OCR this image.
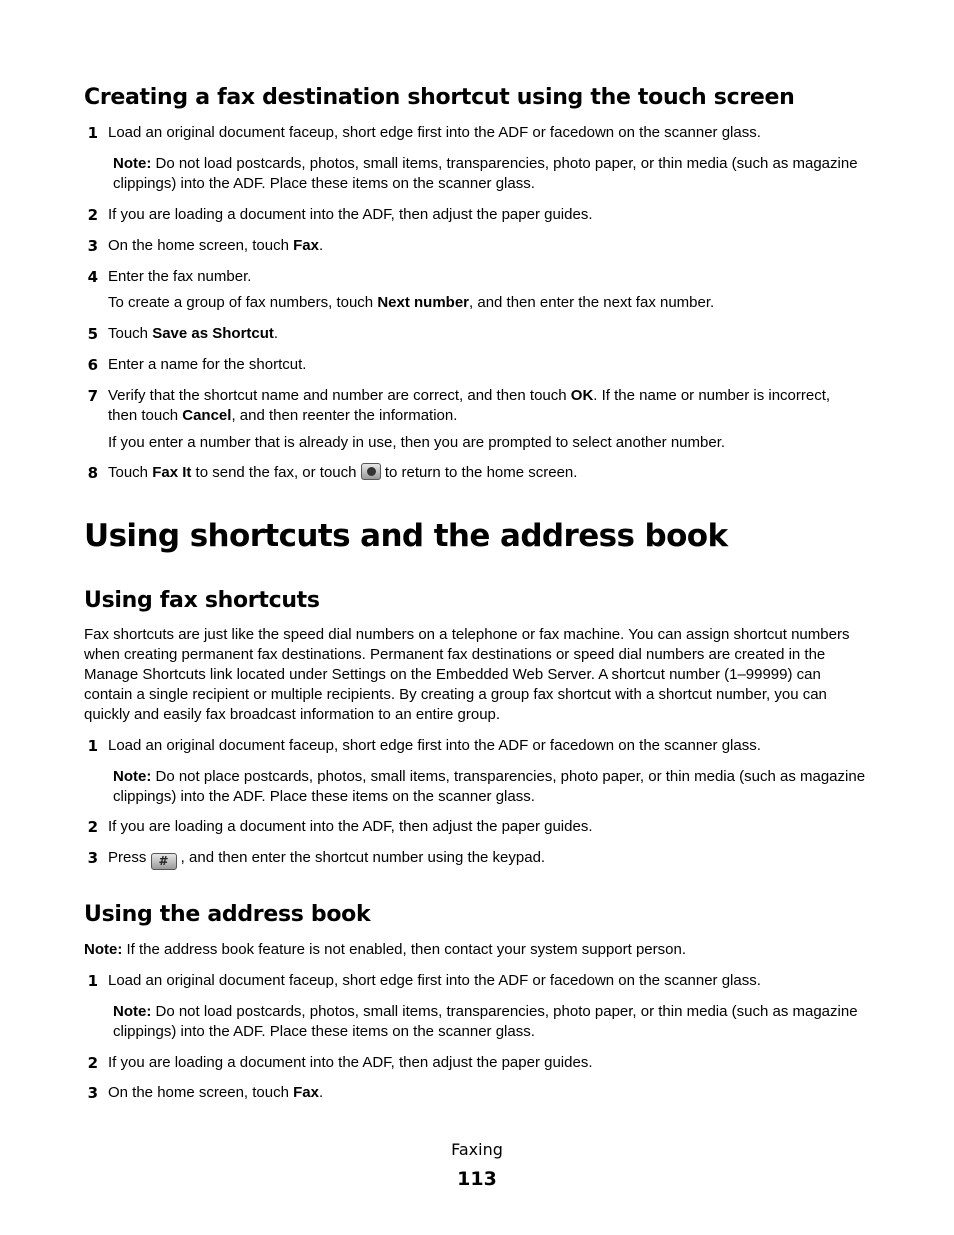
Creating a fax destination shortcut using the touch screen
1 Load an original document faceup, short edge first into the ADF or facedown on the scanner glass.
Note: Do not load postcards, photos, small items, transparencies, photo paper, or thin media (such as magazine
clippings) into the ADF. Place these items on the scanner glass.
2 If you are loading a document into the ADF, then adjust the paper guides.
3 On the home screen, touch Fax.
4 Enter the fax number.
To create a group of fax numbers, touch Next number, and then enter the next fax number.
5 Touch Save as Shortcut.
6 Enter a name for the shortcut.
7 Verify that the shortcut name and number are correct, and then touch OK. If the name or number is incorrect,
then touch Cancel, and then reenter the information.
If you enter a number that is already in use, then you are prompted to select another number.
8 Touch Fax It to send the fax, or touch  to return to the home screen.
Using shortcuts and the address book
Using fax shortcuts
Fax shortcuts are just like the speed dial numbers on a telephone or fax machine. You can assign shortcut numbers
when creating permanent fax destinations. Permanent fax destinations or speed dial numbers are created in the
Manage Shortcuts link located under Settings on the Embedded Web Server. A shortcut number (1–99999) can
contain a single recipient or multiple recipients. By creating a group fax shortcut with a shortcut number, you can
quickly and easily fax broadcast information to an entire group.
1 Load an original document faceup, short edge first into the ADF or facedown on the scanner glass.
Note: Do not place postcards, photos, small items, transparencies, photo paper, or thin media (such as magazine
clippings) into the ADF. Place these items on the scanner glass.
2 If you are loading a document into the ADF, then adjust the paper guides.
3 Press # , and then enter the shortcut number using the keypad.
Using the address book
Note: If the address book feature is not enabled, then contact your system support person.
1 Load an original document faceup, short edge first into the ADF or facedown on the scanner glass.
Note: Do not load postcards, photos, small items, transparencies, photo paper, or thin media (such as magazine
clippings) into the ADF. Place these items on the scanner glass.
2 If you are loading a document into the ADF, then adjust the paper guides.
3 On the home screen, touch Fax.
Faxing
113
